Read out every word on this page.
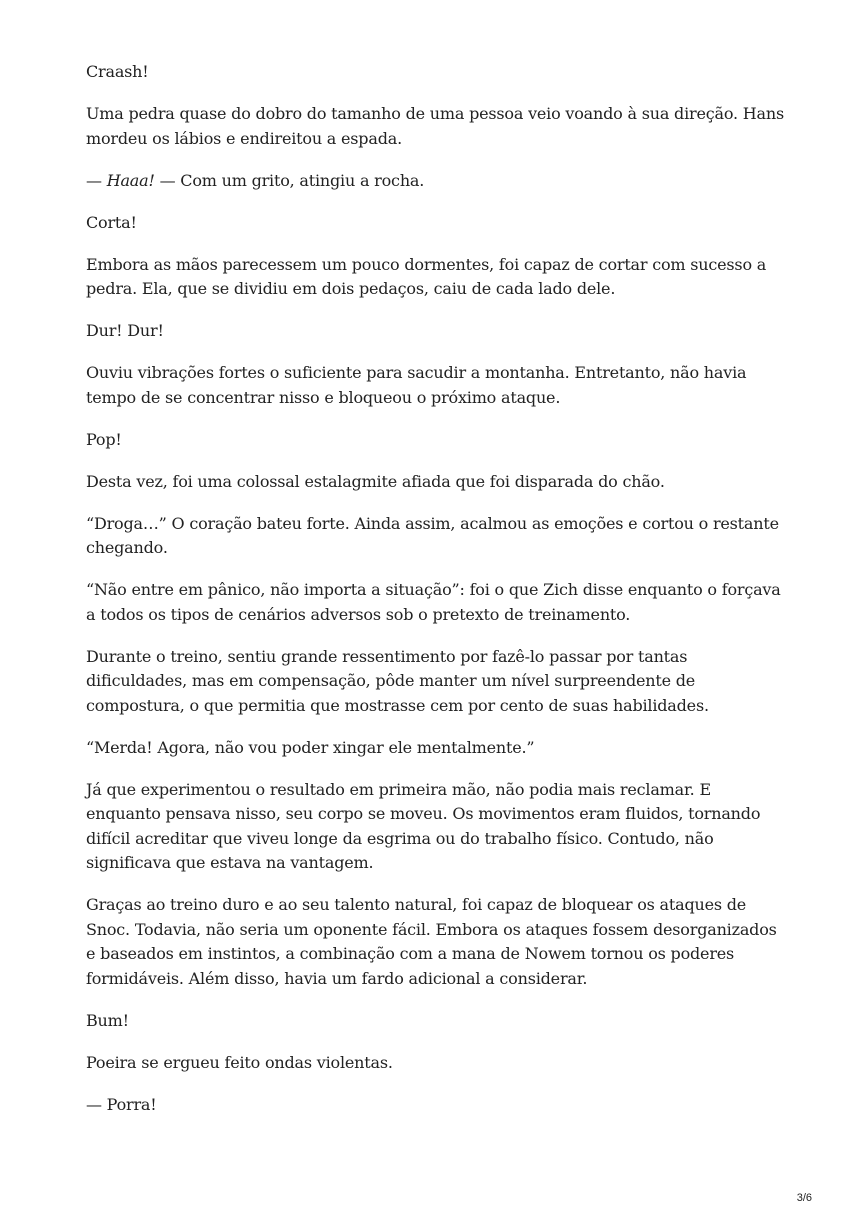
Craash!

Uma pedra quase do dobro do tamanho de uma pessoa veio voando à sua direção. Hans mordeu os lábios e endireitou a espada.

— Haaa! — Com um grito, atingiu a rocha.

Corta!

Embora as mãos parecessem um pouco dormentes, foi capaz de cortar com sucesso a pedra. Ela, que se dividiu em dois pedaços, caiu de cada lado dele.

Dur! Dur!

Ouviu vibrações fortes o suficiente para sacudir a montanha. Entretanto, não havia tempo de se concentrar nisso e bloqueou o próximo ataque.

Pop!

Desta vez, foi uma colossal estalagmite afiada que foi disparada do chão.

“Droga…” O coração bateu forte. Ainda assim, acalmou as emoções e cortou o restante chegando.

“Não entre em pânico, não importa a situação”: foi o que Zich disse enquanto o forçava a todos os tipos de cenários adversos sob o pretexto de treinamento.

Durante o treino, sentiu grande ressentimento por fazê-lo passar por tantas dificuldades, mas em compensação, pôde manter um nível surpreendente de compostura, o que permitia que mostrasse cem por cento de suas habilidades.

“Merda! Agora, não vou poder xingar ele mentalmente.”

Já que experimentou o resultado em primeira mão, não podia mais reclamar. E enquanto pensava nisso, seu corpo se moveu. Os movimentos eram fluidos, tornando difícil acreditar que viveu longe da esgrima ou do trabalho físico. Contudo, não significava que estava na vantagem.

Graças ao treino duro e ao seu talento natural, foi capaz de bloquear os ataques de Snoc. Todavia, não seria um oponente fácil. Embora os ataques fossem desorganizados e baseados em instintos, a combinação com a mana de Nowem tornou os poderes formidáveis. Além disso, havia um fardo adicional a considerar.

Bum!

Poeira se ergueu feito ondas violentas.

— Porra!

3/6
